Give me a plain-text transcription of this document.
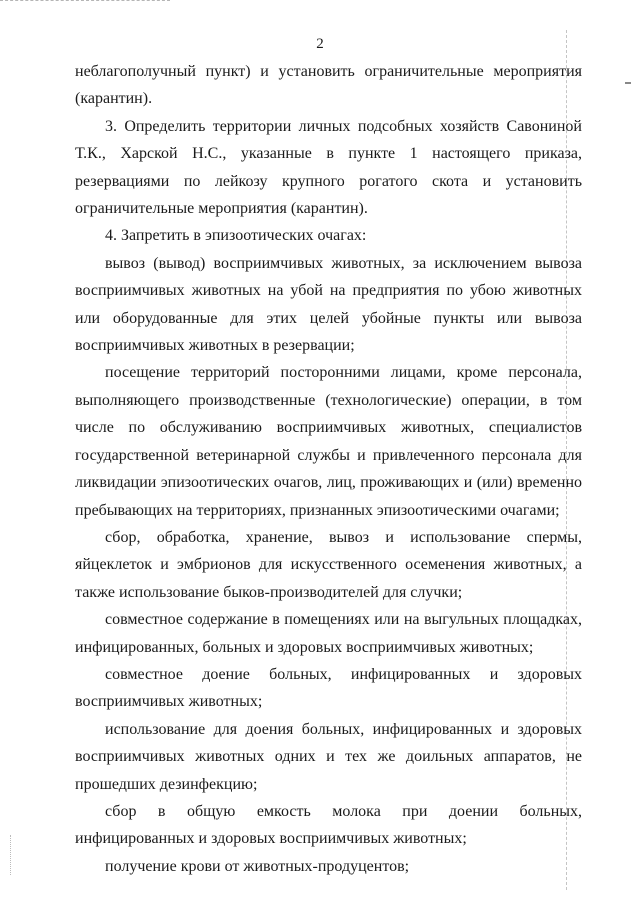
2

неблагополучный пункт) и установить ограничительные мероприятия (карантин).

3. Определить территории личных подсобных хозяйств Савониной Т.К., Харской Н.С., указанные в пункте 1 настоящего приказа, резервациями по лейкозу крупного рогатого скота и установить ограничительные мероприятия (карантин).

4. Запретить в эпизоотических очагах:

вывоз (вывод) восприимчивых животных, за исключением вывоза восприимчивых животных на убой на предприятия по убою животных или оборудованные для этих целей убойные пункты или вывоза восприимчивых животных в резервации;

посещение территорий посторонними лицами, кроме персонала, выполняющего производственные (технологические) операции, в том числе по обслуживанию восприимчивых животных, специалистов государственной ветеринарной службы и привлеченного персонала для ликвидации эпизоотических очагов, лиц, проживающих и (или) временно пребывающих на территориях, признанных эпизоотическими очагами;

сбор, обработка, хранение, вывоз и использование спермы, яйцеклеток и эмбрионов для искусственного осеменения животных, а также использование быков-производителей для случки;

совместное содержание в помещениях или на выгульных площадках, инфицированных, больных и здоровых восприимчивых животных;

совместное доение больных, инфицированных и здоровых восприимчивых животных;

использование для доения больных, инфицированных и здоровых восприимчивых животных одних и тех же доильных аппаратов, не прошедших дезинфекцию;

сбор в общую емкость молока при доении больных, инфицированных и здоровых восприимчивых животных;

получение крови от животных-продуцентов;
